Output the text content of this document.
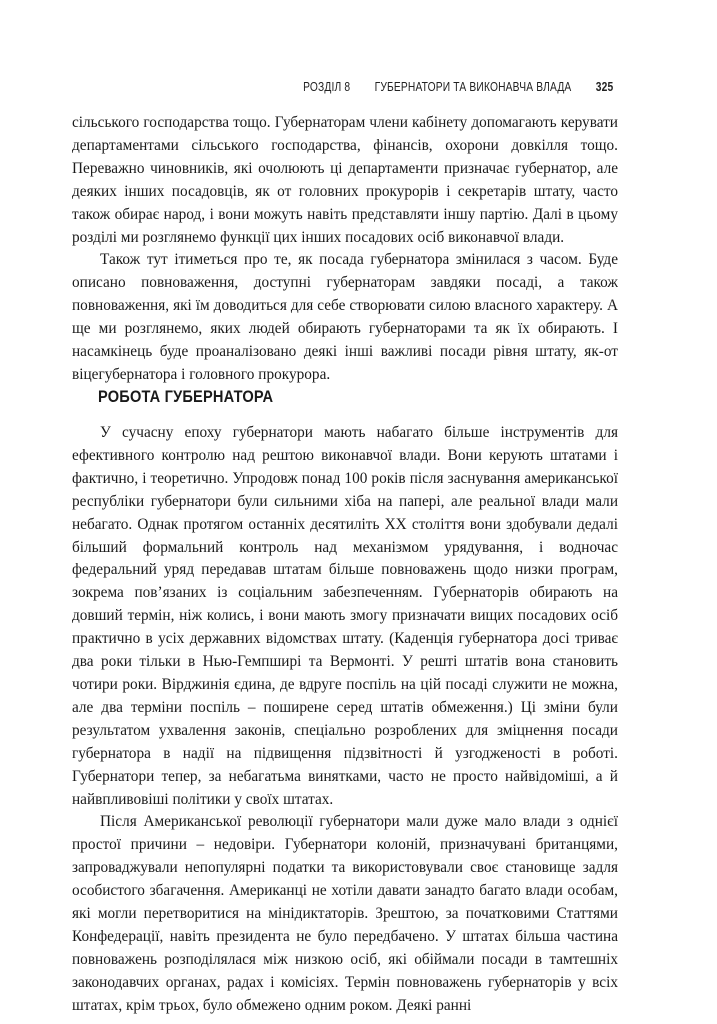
РОЗДІЛ 8 ГУБЕРНАТОРИ ТА ВИКОНАВЧА ВЛАДА 325

сільського господарства тощо. Губернаторам члени кабінету допомагають керувати департаментами сільського господарства, фінансів, охорони довкілля тощо. Переважно чиновників, які очолюють ці департаменти призначає губернатор, але деяких інших посадовців, як от головних прокурорів і секретарів штату, часто також обирає народ, і вони можуть навіть представляти іншу партію. Далі в цьому розділі ми розглянемо функції цих інших посадових осіб виконавчої влади.

Також тут ітиметься про те, як посада губернатора змінилася з часом. Буде описано повноваження, доступні губернаторам завдяки посаді, а також повноваження, які їм доводиться для себе створювати силою власного характеру. А ще ми розглянемо, яких людей обирають губернаторами та як їх обирають. І насамкінець буде проаналізовано деякі інші важливі посади рівня штату, як-от віцегубернатора і головного прокурора.

РОБОТА ГУБЕРНАТОРА

У сучасну епоху губернатори мають набагато більше інструментів для ефективного контролю над рештою виконавчої влади. Вони керують штатами і фактично, і теоретично. Упродовж понад 100 років після заснування американської республіки губернатори були сильними хіба на папері, але реальної влади мали небагато. Однак протягом останніх десятиліть XX століття вони здобували дедалі більший формальний контроль над механізмом урядування, і водночас федеральний уряд передавав штатам більше повноважень щодо низки програм, зокрема пов’язаних із соціальним забезпеченням. Губернаторів обирають на довший термін, ніж колись, і вони мають змогу призначати вищих посадових осіб практично в усіх державних відомствах штату. (Каденція губернатора досі триває два роки тільки в Нью-Гемпширі та Вермонті. У решті штатів вона становить чотири роки. Вірджинія єдина, де вдруге поспіль на цій посаді служити не можна, але два терміни поспіль – поширене серед штатів обмеження.) Ці зміни були результатом ухвалення законів, спеціально розроблених для зміцнення посади губернатора в надії на підвищення підзвітності й узгодженості в роботі. Губернатори тепер, за небагатьма винятками, часто не просто найвідоміші, а й найвпливовіші політики у своїх штатах.

Після Американської революції губернатори мали дуже мало влади з однієї простої причини – недовіри. Губернатори колоній, призначувані британцями, запроваджували непопулярні податки та використовували своє становище задля особистого збагачення. Американці не хотіли давати занадто багато влади особам, які могли перетворитися на мінідиктаторів. Зрештою, за початковими Статтями Конфедерації, навіть президента не було передбачено. У штатах більша частина повноважень розподілялася між низкою осіб, які обіймали посади в тамтешніх законодавчих органах, радах і комісіях. Термін повноважень губернаторів у всіх штатах, крім трьох, було обмежено одним роком. Деякі ранні
